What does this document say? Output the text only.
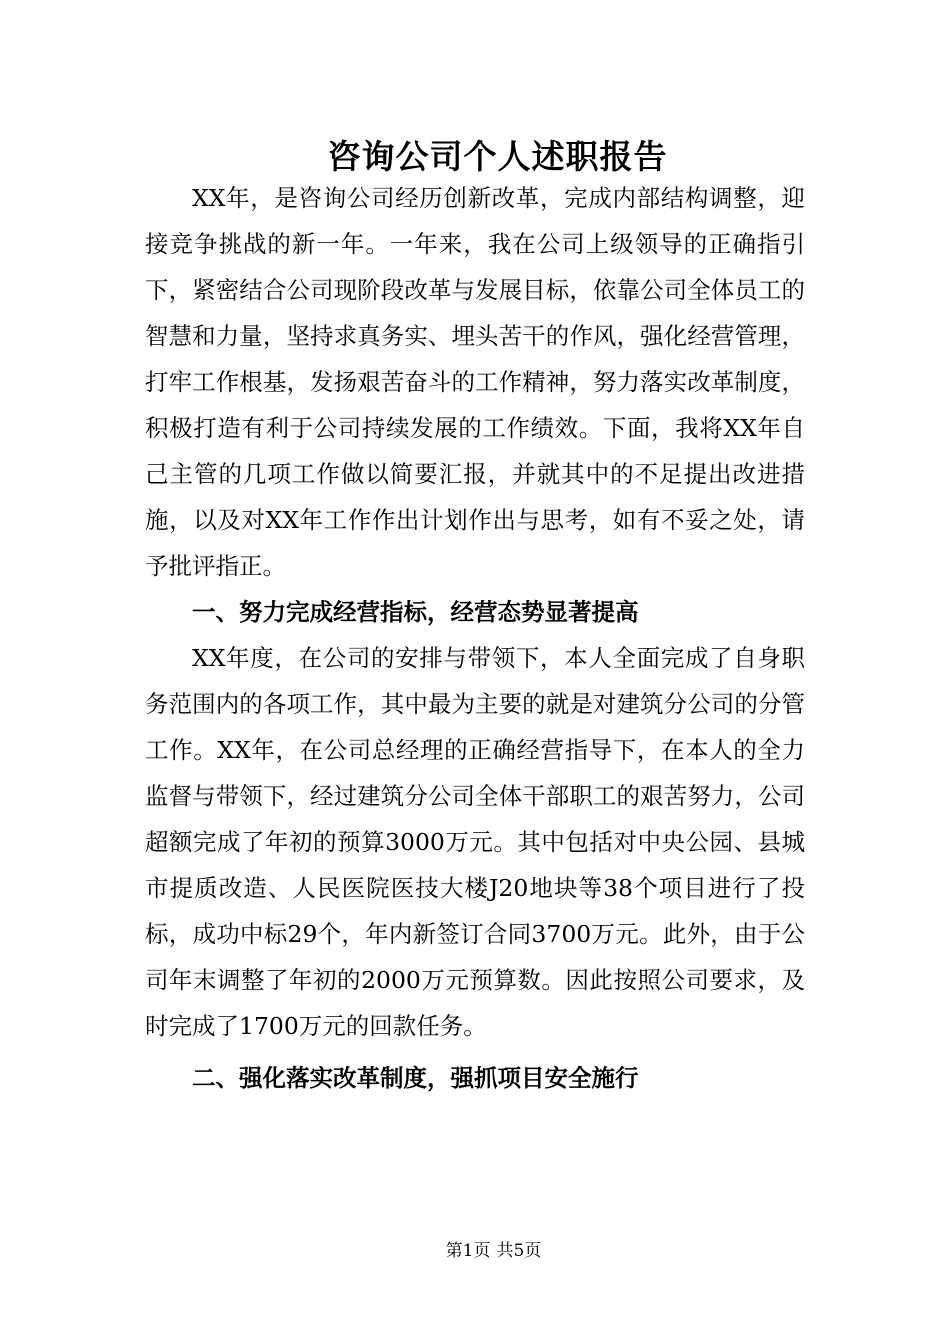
咨询公司个人述职报告

XX年，是咨询公司经历创新改革，完成内部结构调整，迎接竞争挑战的新一年。一年来，我在公司上级领导的正确指引下，紧密结合公司现阶段改革与发展目标，依靠公司全体员工的智慧和力量，坚持求真务实、埋头苦干的作风，强化经营管理，打牢工作根基，发扬艰苦奋斗的工作精神，努力落实改革制度，积极打造有利于公司持续发展的工作绩效。下面，我将XX年自己主管的几项工作做以简要汇报，并就其中的不足提出改进措施，以及对XX年工作作出计划作出与思考，如有不妥之处，请予批评指正。

一、努力完成经营指标，经营态势显著提高

XX年度，在公司的安排与带领下，本人全面完成了自身职务范围内的各项工作，其中最为主要的就是对建筑分公司的分管工作。XX年，在公司总经理的正确经营指导下，在本人的全力监督与带领下，经过建筑分公司全体干部职工的艰苦努力，公司超额完成了年初的预算3000万元。其中包括对中央公园、县城市提质改造、人民医院医技大楼J20地块等38个项目进行了投标，成功中标29个，年内新签订合同3700万元。此外，由于公司年末调整了年初的2000万元预算数。因此按照公司要求，及时完成了1700万元的回款任务。

二、强化落实改革制度，强抓项目安全施行

第1页 共5页
